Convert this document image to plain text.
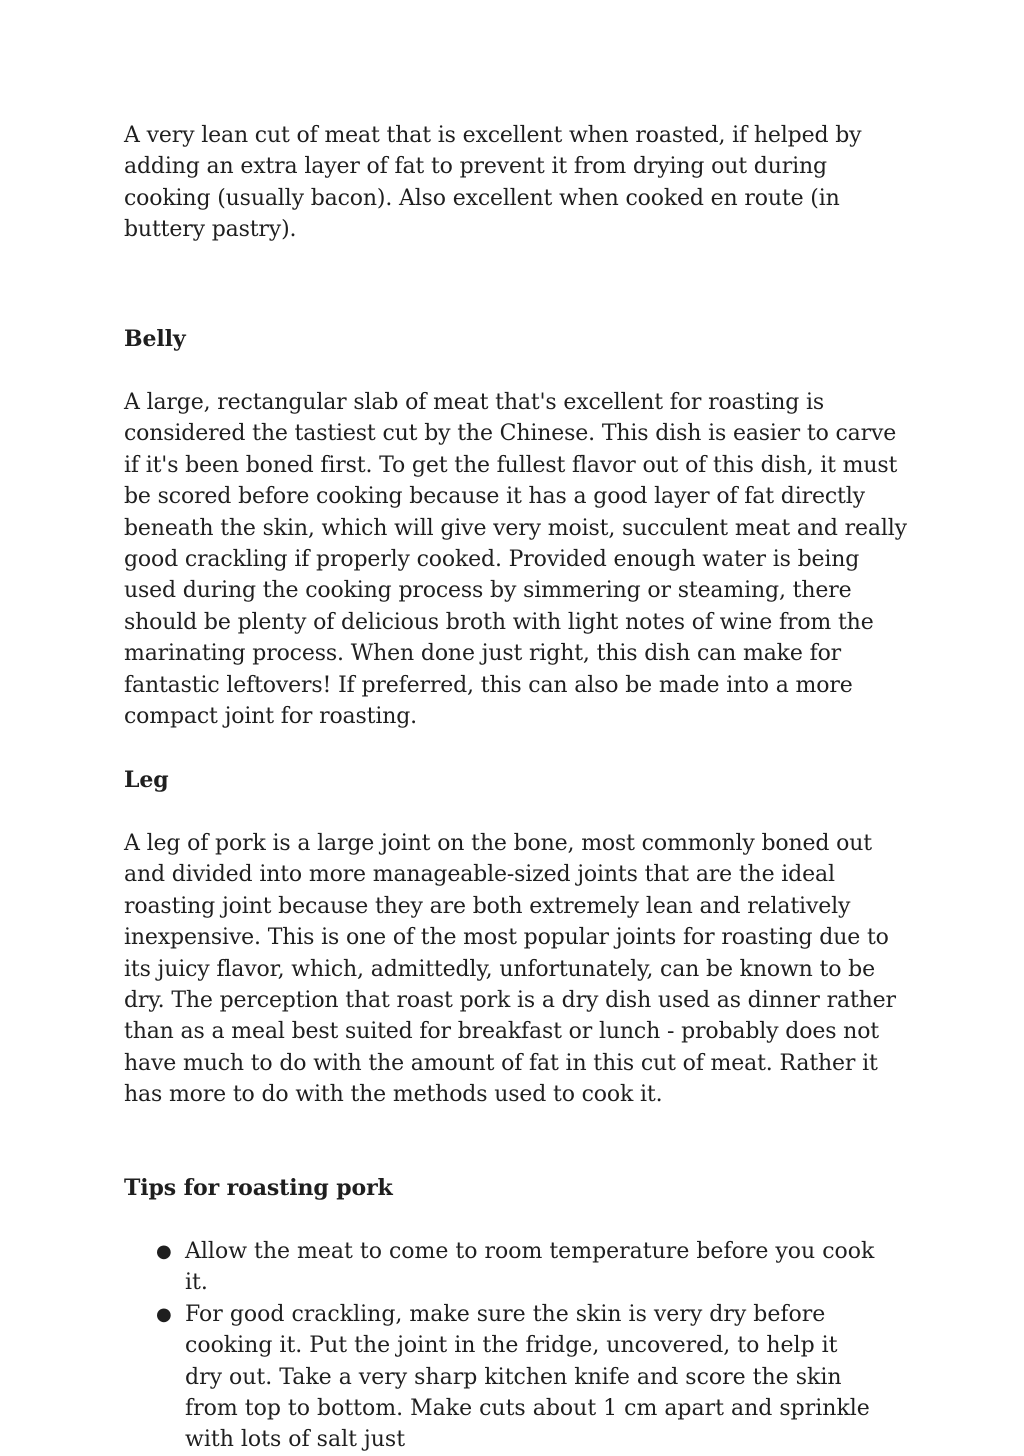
A very lean cut of meat that is excellent when roasted, if helped by adding an extra layer of fat to prevent it from drying out during cooking (usually bacon). Also excellent when cooked en route (in buttery pastry).

Belly

A large, rectangular slab of meat that's excellent for roasting is considered the tastiest cut by the Chinese. This dish is easier to carve if it's been boned first. To get the fullest flavor out of this dish, it must be scored before cooking because it has a good layer of fat directly beneath the skin, which will give very moist, succulent meat and really good crackling if properly cooked. Provided enough water is being used during the cooking process by simmering or steaming, there should be plenty of delicious broth with light notes of wine from the marinating process. When done just right, this dish can make for fantastic leftovers! If preferred, this can also be made into a more compact joint for roasting.

Leg

A leg of pork is a large joint on the bone, most commonly boned out and divided into more manageable-sized joints that are the ideal roasting joint because they are both extremely lean and relatively inexpensive. This is one of the most popular joints for roasting due to its juicy flavor, which, admittedly, unfortunately, can be known to be dry. The perception that roast pork is a dry dish used as dinner rather than as a meal best suited for breakfast or lunch - probably does not have much to do with the amount of fat in this cut of meat. Rather it has more to do with the methods used to cook it.

Tips for roasting pork
● Allow the meat to come to room temperature before you cook it.
● For good crackling, make sure the skin is very dry before cooking it. Put the joint in the fridge, uncovered, to help it dry out. Take a very sharp kitchen knife and score the skin from top to bottom. Make cuts about 1 cm apart and sprinkle with lots of salt just
